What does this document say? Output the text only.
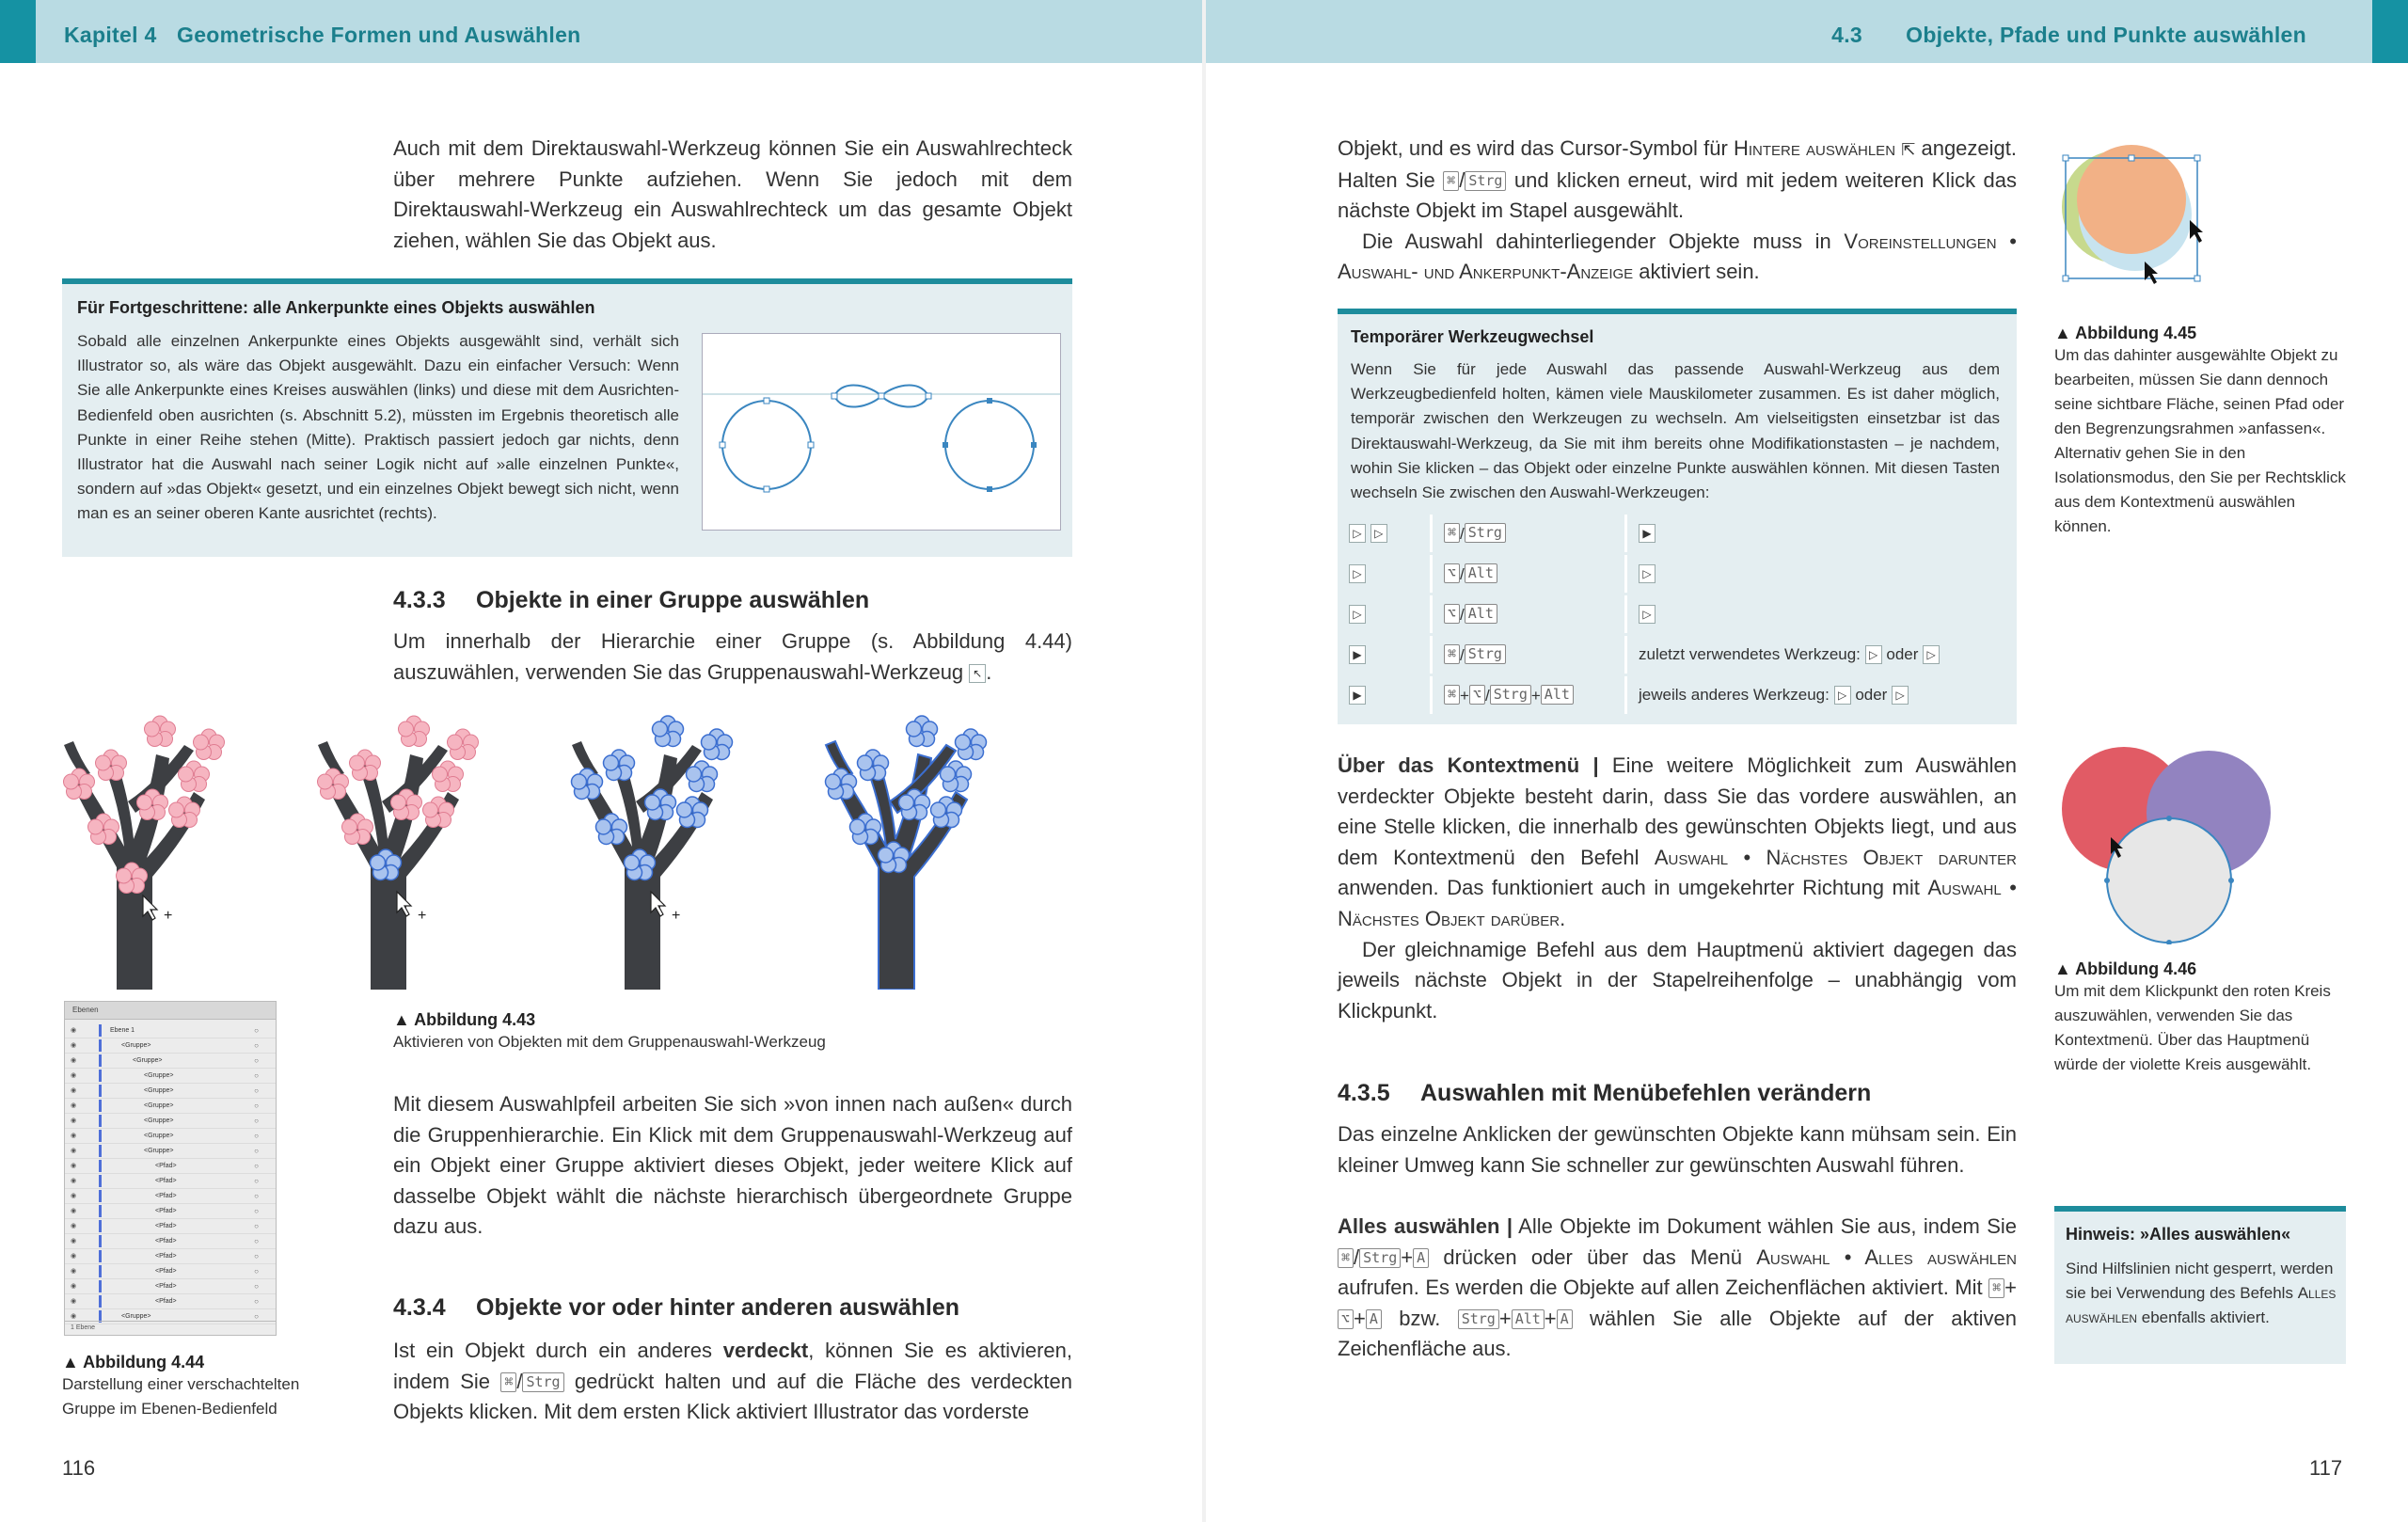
Kapitel 4 Geometrische Formen und Auswählen	Objekte, Pfade und Punkte auswählen
4.3
Auch mit dem Direktauswahl-Werkzeug können Sie ein Auswahlrechteck über mehrere Punkte aufziehen. Wenn Sie jedoch mit dem Direktauswahl-Werkzeug ein Auswahlrechteck um das gesamte Objekt ziehen, wählen Sie das Objekt aus.
Für Fortgeschrittene: alle Ankerpunkte eines Objekts auswählen
Sobald alle einzelnen Ankerpunkte eines Objekts ausgewählt sind, verhält sich Illustrator so, als wäre das Objekt ausgewählt. Dazu ein einfacher Versuch: Wenn Sie alle Ankerpunkte eines Kreises auswählen (links) und diese mit dem Ausrichten-Bedienfeld oben ausrichten (s. Abschnitt 5.2), müssten im Ergebnis theoretisch alle Punkte in einer Reihe stehen (Mitte). Praktisch passiert jedoch gar nichts, denn Illustrator hat die Auswahl nach seiner Logik nicht auf »alle einzelnen Punkte«, sondern auf »das Objekt« gesetzt, und ein einzelnes Objekt bewegt sich nicht, wenn man es an seiner oberen Kante ausrichtet (rechts).
4.3.3 Objekte in einer Gruppe auswählen
Um innerhalb der Hierarchie einer Gruppe (s. Abbildung 4.44) auszuwählen, verwenden Sie das Gruppenauswahl-Werkzeug ↖ .
+	+	+
Ebenen
◉	Ebene 1	○
◉	<Gruppe>	○
◉	<Gruppe>	○
◉	<Gruppe>	○
◉	<Gruppe>	○
◉	<Gruppe>	○
◉	<Gruppe>	○
◉	<Gruppe>	○
◉	<Gruppe>	○
◉	<Pfad>	○
◉	<Pfad>	○
◉	<Pfad>	○
◉	<Pfad>	○
◉	<Pfad>	○
◉	<Pfad>	○
◉	<Pfad>	○
◉	<Pfad>	○
◉	<Pfad>	○
◉	<Pfad>	○
◉	<Gruppe>	○
1 Ebene
▲ Abbildung 4.43
Aktivieren von Objekten mit dem Gruppenauswahl-Werkzeug
Mit diesem Auswahlpfeil arbeiten Sie sich »von innen nach außen« durch die Gruppenhierarchie. Ein Klick mit dem Gruppenauswahl-Werkzeug auf ein Objekt einer Gruppe aktiviert dieses Objekt, jeder weitere Klick auf dasselbe Objekt wählt die nächste hierarchisch übergeordnete Gruppe dazu aus.
4.3.4 Objekte vor oder hinter anderen auswählen
Ist ein Objekt durch ein anderes verdeckt, können Sie es aktivieren, indem Sie ⌘ / Strg gedrückt halten und auf die Fläche des verdeckten Objekts klicken. Mit dem ersten Klick aktiviert Illustrator das vorderste
▲ Abbildung 4.44
Darstellung einer verschachtelten Gruppe im Ebenen-Bedienfeld
116

Objekt, und es wird das Cursor-Symbol für Hintere auswählen ⇱ angezeigt. Halten Sie ⌘ / Strg und klicken erneut, wird mit jedem weiteren Klick das nächste Objekt im Stapel ausgewählt.

Die Auswahl dahinterliegender Objekte muss in Voreinstellungen • Auswahl- und Ankerpunkt-Anzeige aktiviert sein.

Temporärer Werkzeugwechsel
Wenn Sie für jede Auswahl das passende Auswahl-Werkzeug aus dem Werkzeugbedienfeld holten, kämen viele Mauskilometer zusammen. Es ist daher möglich, temporär zwischen den Werkzeugen zu wechseln. Am vielseitigsten einsetzbar ist das Direktauswahl-Werkzeug, da Sie mit ihm bereits ohne Modifikationstasten – je nachdem, wohin Sie klicken – das Objekt oder einzelne Punkte auswählen können. Mit diesen Tasten wechseln Sie zwischen den Auswahl-Werkzeugen:
▷ ▷	⌘ / Strg	▶
▷	⌥ / Alt	▷
▷	⌥ / Alt	▷
▶	⌘ / Strg	zuletzt verwendetes Werkzeug: ▷ oder ▷
▶	⌘ + ⌥ / Strg + Alt	jeweils anderes Werkzeug: ▷ oder ▷

Über das Kontextmenü | Eine weitere Möglichkeit zum Auswählen verdeckter Objekte besteht darin, dass Sie das vordere auswählen, an eine Stelle klicken, die innerhalb des gewünschten Objekts liegt, und aus dem Kontextmenü den Befehl Auswahl • Nächstes Objekt darunter anwenden. Das funktioniert auch in umgekehrter Richtung mit Auswahl • Nächstes Objekt darüber.

Der gleichnamige Befehl aus dem Hauptmenü aktiviert dagegen das jeweils nächste Objekt in der Stapelreihenfolge – unabhängig vom Klickpunkt.

4.3.5 Auswahlen mit Menübefehlen verändern
Das einzelne Anklicken der gewünschten Objekte kann mühsam sein. Ein kleiner Umweg kann Sie schneller zur gewünschten Auswahl führen.
Alles auswählen | Alle Objekte im Dokument wählen Sie aus, indem Sie ⌘ / Strg + A drücken oder über das Menü Auswahl • Alles auswählen aufrufen. Es werden die Objekte auf allen Zeichenflächen aktiviert. Mit ⌘ +⌥ + A bzw. Strg + Alt + A wählen Sie alle Objekte auf der aktiven Zeichenfläche aus.
▲ Abbildung 4.45
Um das dahinter ausgewählte Objekt zu bearbeiten, müssen Sie dann dennoch seine sichtbare Fläche, seinen Pfad oder den Begrenzungsrahmen »anfassen«. Alternativ gehen Sie in den Isolationsmodus, den Sie per Rechtsklick aus dem Kontextmenü auswählen können.
▲ Abbildung 4.46
Um mit dem Klickpunkt den roten Kreis auszuwählen, verwenden Sie das Kontextmenü. Über das Hauptmenü würde der violette Kreis ausgewählt.
Hinweis: »Alles auswählen«
Sind Hilfslinien nicht gesperrt, werden sie bei Verwendung des Befehls Alles auswählen ebenfalls aktiviert.
117
